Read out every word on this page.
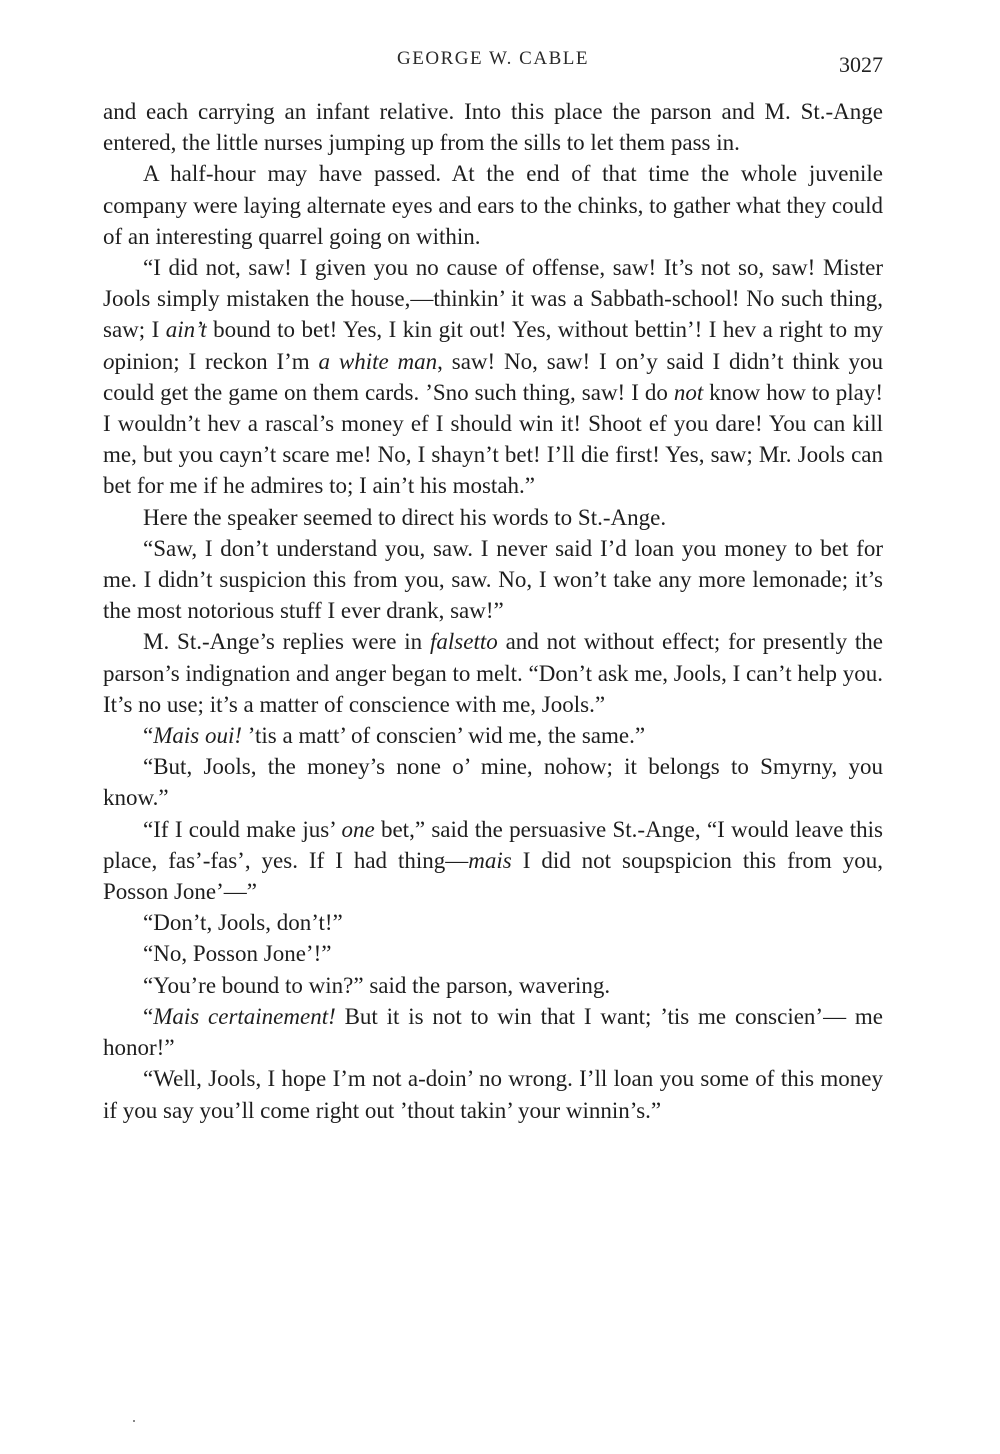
GEORGE W. CABLE	3027

and each carrying an infant relative. Into this place the parson and M. St.-Ange entered, the little nurses jumping up from the sills to let them pass in.

A half-hour may have passed. At the end of that time the whole juvenile company were laying alternate eyes and ears to the chinks, to gather what they could of an interesting quarrel going on within.

“I did not, saw! I given you no cause of offense, saw! It’s not so, saw! Mister Jools simply mistaken the house,—thinkin’ it was a Sabbath-school! No such thing, saw; I ain’t bound to bet! Yes, I kin git out! Yes, without bettin’! I hev a right to my opinion; I reckon I’m a white man, saw! No, saw! I on’y said I didn’t think you could get the game on them cards. ’Sno such thing, saw! I do not know how to play! I wouldn’t hev a rascal’s money ef I should win it! Shoot ef you dare! You can kill me, but you cayn’t scare me! No, I shayn’t bet! I’ll die first! Yes, saw; Mr. Jools can bet for me if he admires to; I ain’t his mostah.”

Here the speaker seemed to direct his words to St.-Ange.

“Saw, I don’t understand you, saw. I never said I’d loan you money to bet for me. I didn’t suspicion this from you, saw. No, I won’t take any more lemonade; it’s the most notorious stuff I ever drank, saw!”

M. St.-Ange’s replies were in falsetto and not without effect; for presently the parson’s indignation and anger began to melt. “Don’t ask me, Jools, I can’t help you. It’s no use; it’s a matter of conscience with me, Jools.”

“Mais oui! ’tis a matt’ of conscien’ wid me, the same.”

“But, Jools, the money’s none o’ mine, nohow; it belongs to Smyrny, you know.”

“If I could make jus’ one bet,” said the persuasive St.-Ange, “I would leave this place, fas’-fas’, yes. If I had thing—mais I did not soupspicion this from you, Posson Jone’—”

“Don’t, Jools, don’t!”

“No, Posson Jone’!”

“You’re bound to win?” said the parson, wavering.

“Mais certainement! But it is not to win that I want; ’tis me conscien’— me honor!”

“Well, Jools, I hope I’m not a-doin’ no wrong. I’ll loan you some of this money if you say you’ll come right out ’thout takin’ your winnin’s.”
